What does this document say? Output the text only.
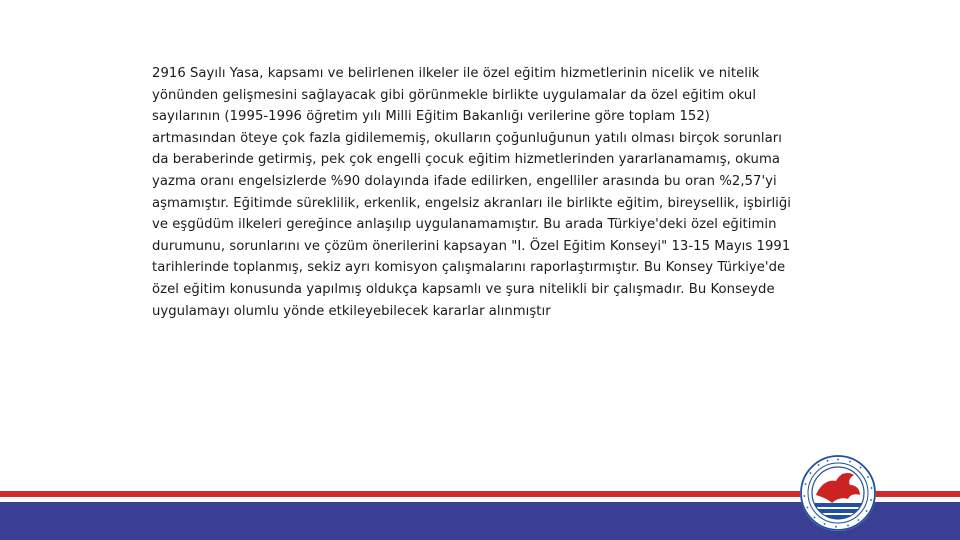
2916 Sayılı Yasa, kapsamı ve belirlenen ilkeler ile özel eğitim hizmetlerinin nicelik ve nitelik yönünden gelişmesini sağlayacak gibi görünmekle birlikte uygulamalar da özel eğitim okul sayılarının (1995-1996 öğretim yılı Milli Eğitim Bakanlığı verilerine göre toplam 152) artmasından öteye çok fazla gidilememiş, okulların çoğunluğunun yatılı olması birçok sorunları da beraberinde getirmiş, pek çok engelli çocuk eğitim hizmetlerinden yararlanamamış, okuma yazma oranı engelsizlerde %90 dolayında ifade edilirken, engelliler arasında bu oran %2,57'yi aşmamıştır. Eğitimde süreklilik, erkenlik, engelsiz akranları ile birlikte eğitim, bireysellik, işbirliği ve eşgüdüm ilkeleri gereğince anlaşılıp uygulanamamıştır. Bu arada Türkiye'deki özel eğitimin durumunu, sorunlarını ve çözüm önerilerini kapsayan "I. Özel Eğitim Konseyi" 13-15 Mayıs 1991 tarihlerinde toplanmış, sekiz ayrı komisyon çalışmalarını raporlaştırmıştır. Bu Konsey Türkiye'de özel eğitim konusunda yapılmış oldukça kapsamlı ve şura nitelikli bir çalışmadır. Bu Konseyde uygulamayı olumlu yönde etkileyebilecek kararlar alınmıştır
